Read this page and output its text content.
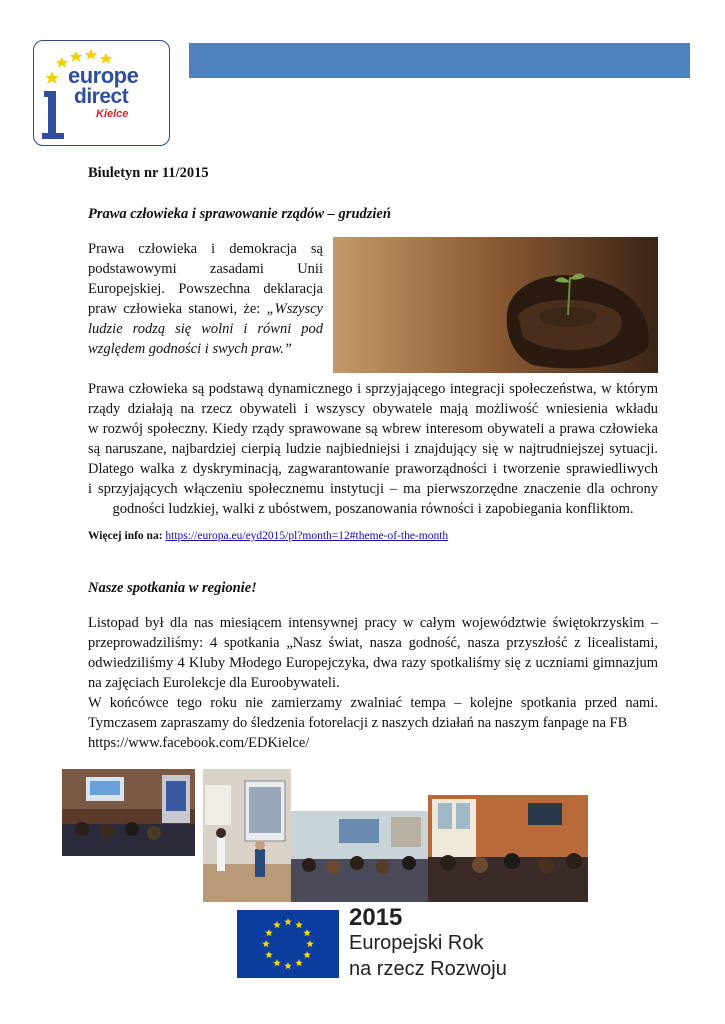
europe
direct
Kielce
Biuletyn nr 11/2015
Prawa człowieka i sprawowanie rządów – grudzień
Prawa człowieka i demokracja są
podstawowymi zasadami Unii
Europejskiej. Powszechna deklaracja
praw człowieka stanowi, że: „Wszyscy
ludzie rodzą się wolni i równi pod
względem godności i swych praw.”
Prawa człowieka są podstawą dynamicznego i sprzyjającego integracji społeczeństwa, w którym
rządy działają na rzecz obywateli i wszyscy obywatele mają możliwość wniesienia wkładu
w rozwój społeczny. Kiedy rządy sprawowane są wbrew interesom obywateli a prawa człowieka
są naruszane, najbardziej cierpią ludzie najbiedniejsi i znajdujący się w najtrudniejszej sytuacji.
Dlatego walka z dyskryminacją, zagwarantowanie praworządności i tworzenie sprawiedliwych
i sprzyjających włączeniu społecznemu instytucji – ma pierwszorzędne znaczenie dla ochrony
godności ludzkiej, walki z ubóstwem, poszanowania równości i zapobiegania konfliktom.
Więcej info na: https://europa.eu/eyd2015/pl?month=12#theme-of-the-month
Nasze spotkania w regionie!
Listopad był dla nas miesiącem intensywnej pracy w całym województwie świętokrzyskim –
przeprowadziliśmy: 4 spotkania „Nasz świat, nasza godność, nasza przyszłość z licealistami,
odwiedziliśmy 4 Kluby Młodego Europejczyka, dwa razy spotkaliśmy się z uczniami gimnazjum
na zajęciach Eurolekcje dla Euroobywateli.
W końcówce tego roku nie zamierzamy zwalniać tempa – kolejne spotkania przed nami.
Tymczasem zapraszamy do śledzenia fotorelacji z naszych działań na naszym fanpage na FB
https://www.facebook.com/EDKielce/
2015
Europejski Rok
na rzecz Rozwoju
